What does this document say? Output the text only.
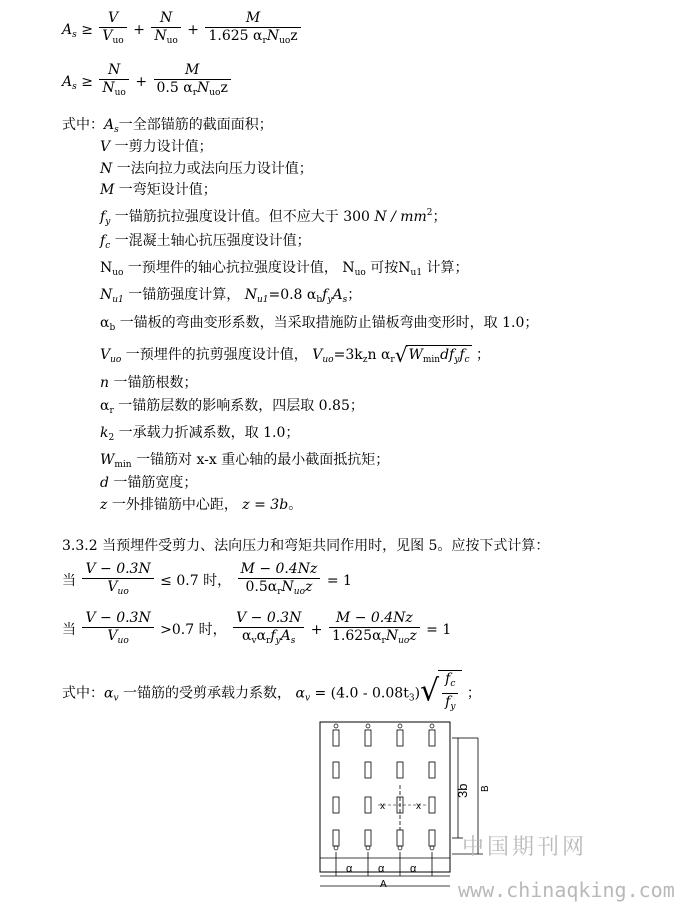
$A_s \ge \frac{V}{V_{uo}} + \frac{N}{N_{uo}} + \frac{M}{1.625 \alpha_rN_{uo}z}$
$A_s \ge \frac{N}{N_{uo}} + \frac{M}{0.5 \alpha_rN_{uo}z}$
式中：$A_s$一全部锚筋的截面面积；
V 一剪力设计值；
N 一法向拉力或法向压力设计值；
M 一弯矩设计值；
$f_y$ 一锚筋抗拉强度设计值。但不应大于 300 N / $mm^2$；
$f_c$ 一混凝土轴心抗压强度设计值；
$N_{uo}$ 一预埋件的轴心抗拉强度设计值， $N_{uo}$ 可按$N_{u1}$ 计算；
$N_{u1}$ 一锚筋强度计算， $N_{u1}=0.8$ $\alpha_bf_yA_s$；
$\alpha_b$ 一锚板的弯曲变形系数，当采取措施防止锚板弯曲变形时，取 1.0；
$V_{uo}$ 一预埋件的抗剪强度设计值， $V_{uo}=3k_zn$ $\alpha_r√W_{min}df_yf_c$ ；
n 一锚筋根数；
$\alpha_r$ 一锚筋层数的影响系数，四层取 0.85；
$k_2$ 一承载力折减系数，取 1.0；
$W_{min}$ 一锚筋对 x-x 重心轴的最小截面抵抗矩；
d 一锚筋宽度；
z 一外排锚筋中心距， z = 3b。
3.3.2 当预埋件受剪力、法向压力和弯矩共同作用时，见图 5。应按下式计算：
当 $\frac{V - 0.3N}{V_{uo}} \le 0.7$ 时， $\frac{M - 0.4Nz}{0.5\alpha_rN_{uo}z} = 1$
当 $\frac{V - 0.3N}{V_{uo}} >0.7$ 时， $\frac{V - 0.3N}{\alpha_v\alpha_rf_yA_s} + \frac{M - 0.4Nz}{1.625\alpha_rN_{uo}z} = 1$
式中：$\alpha_v$ 一锚筋的受剪承载力系数， $\alpha_v = (4.0 - 0.08t_3)√ \frac{f_c}{f_y}$ ；
x	x
3b B
α α α
A
中国期刊网
www.chinaqking.com
